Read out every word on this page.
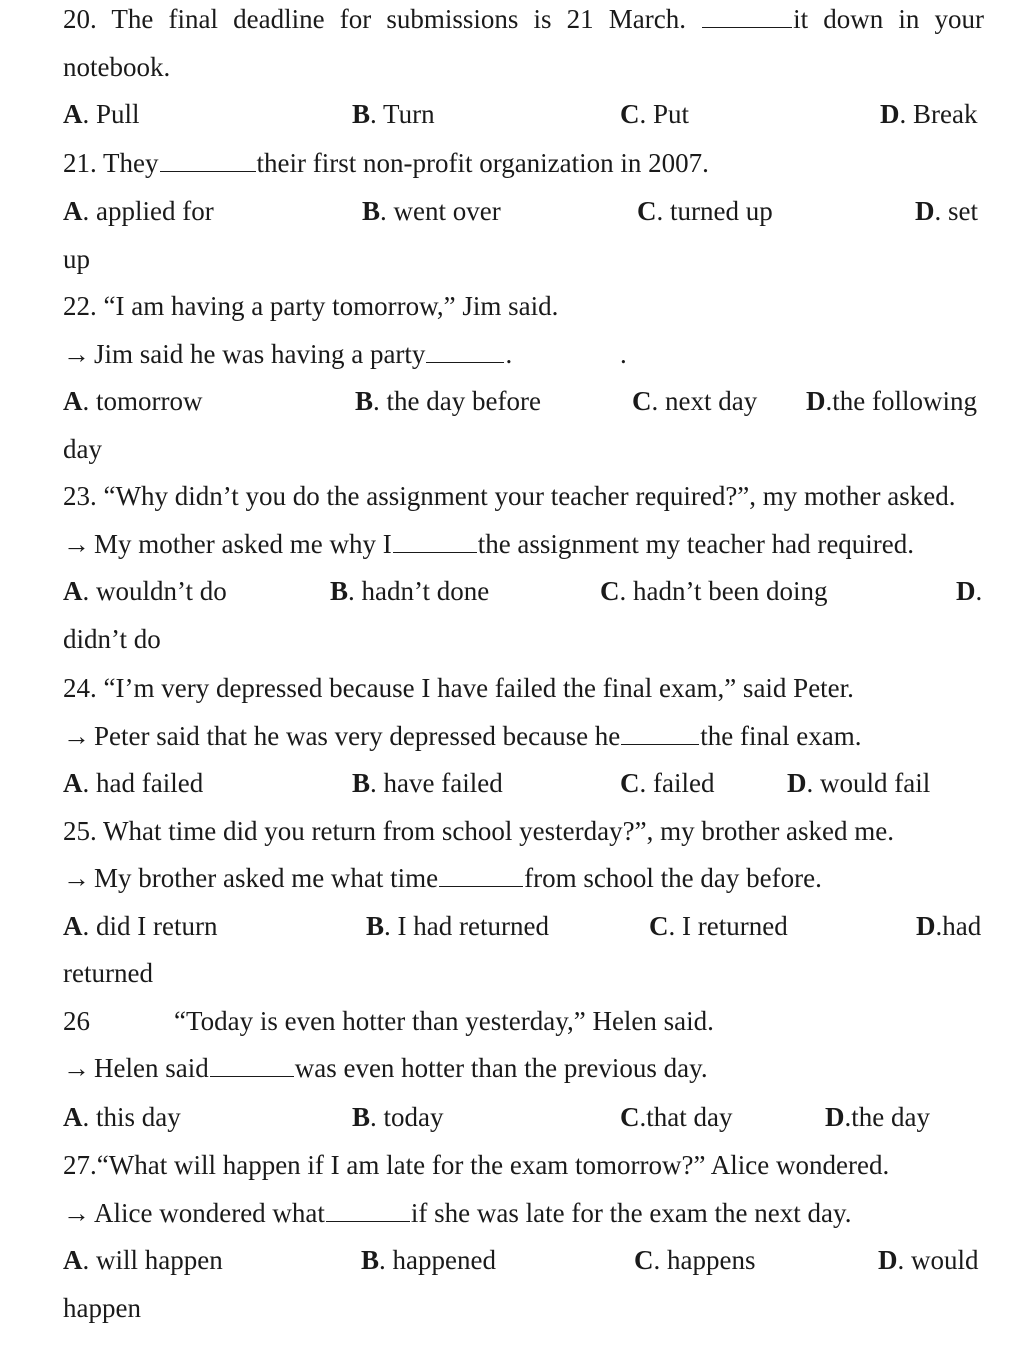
20. The final deadline for submissions is 21 March.	it down in your
notebook.
A. Pull	B. Turn	C. Put	D. Break
21. They	their first non-profit organization in 2007.
A. applied for	B. went over	C. turned up	D. set
up
22. “I am having a party tomorrow,” Jim said.
→ Jim said he was having a party	.	.
A. tomorrow	B. the day before	C. next day D.the following
day
23. “Why didn’t you do the assignment your teacher required?”, my mother asked.
→ My mother asked me why I	the assignment my teacher had required.
A. wouldn’t do	B. hadn’t done	C. hadn’t been doing	D.
didn’t do
24. “I’m very depressed because I have failed the final exam,” said Peter.
→ Peter said that he was very depressed because he	the final exam.
A. had failed	B. have failed	C. failed	D. would fail
25. What time did you return from school yesterday?”, my brother asked me.
→ My brother asked me what time	from school the day before.
A. did I return	B. I had returned	C. I returned	D.had
returned
26	“Today is even hotter than yesterday,” Helen said.
→ Helen said	was even hotter than the previous day.
A. this day	B. today	C.that day	D.the day
27.“What will happen if I am late for the exam tomorrow?” Alice wondered.
→ Alice wondered what	if she was late for the exam the next day.
A. will happen	B. happened	C. happens	D. would
happen
